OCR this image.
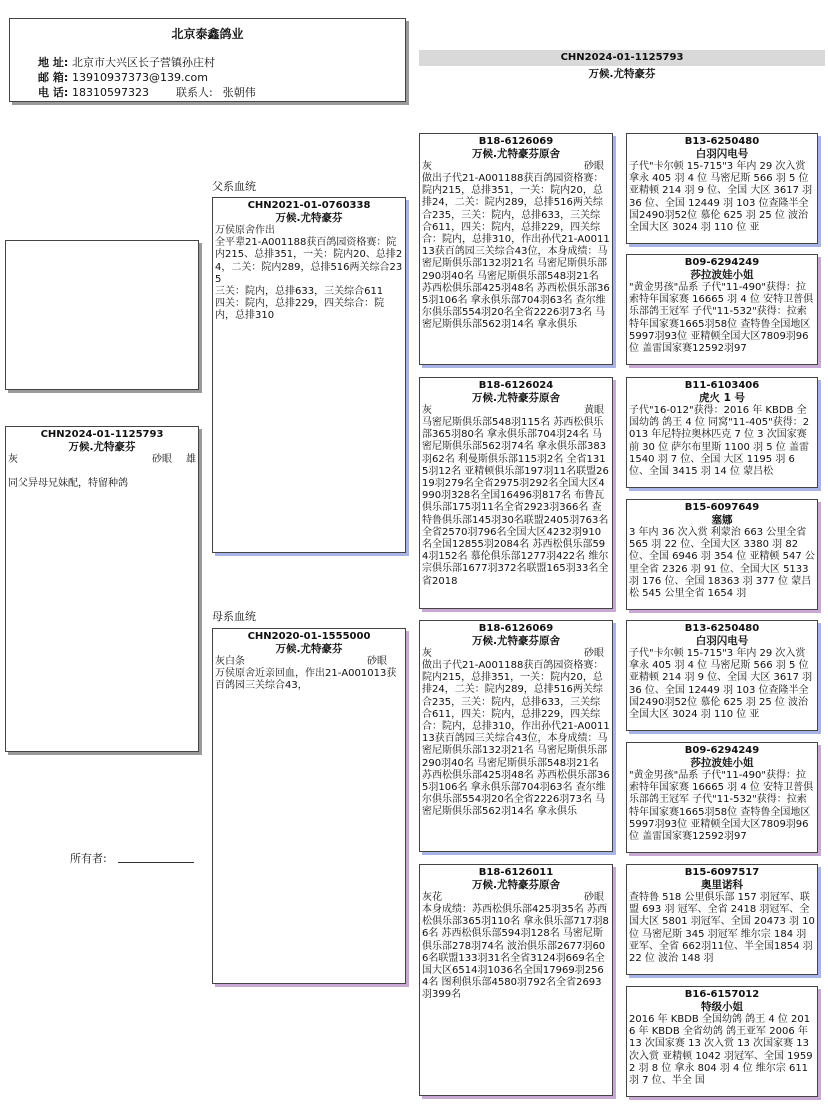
北京泰鑫鸽业
地 址: 北京市大兴区长子营镇孙庄村
邮 箱: 13910937373@139.com
电 话: 18310597323 联系人: 张朝伟
CHN2024-01-1125793
万候.尤特豪芬
CHN2024-01-1125793
万候.尤特豪芬
灰	砂眼 雄
同父异母兄妹配，特留种鸽
所有者:
父系血统
母系血统
CHN2021-01-0760338
万候.尤特豪芬
万侯原舍作出
全平辈21-A001188获百鸽园资格赛：院内215、总排351，一关：院内20、总排24，二关：院内289，总排516两关综合235
三关：院内，总排633，三关综合611
四关：院内，总排229，四关综合：院内，总排310
CHN2020-01-1555000
万候.尤特豪芬
灰白条	砂眼
万侯原舍近亲回血，作出21-A001013获百鸽园三关综合43，
B18-6126069
万候.尤特豪芬原舍
灰	砂眼
做出子代21-A001188获百鸽园资格赛：院内215，总排351，一关：院内20，总排24，二关：院内289，总排516两关综合235，三关：院内，总排633，三关综合611，四关：院内，总排229，四关综合：院内，总排310，作出孙代21-A001113获百鸽园三关综合43位，本身成绩：马密尼斯俱乐部132羽21名 马密尼斯俱乐部290羽40名 马密尼斯俱乐部548羽21名 苏西松俱乐部425羽48名 苏西松俱乐部365羽106名 拿永俱乐部704羽63名 查尔维尔俱乐部554羽20名全省2226羽73名 马密尼斯俱乐部562羽14名 拿永俱乐
B18-6126024
万候.尤特豪芬原舍
灰	黄眼
马密尼斯俱乐部548羽115名 苏西松俱乐部365羽80名 拿永俱乐部704羽24名 马密尼斯俱乐部562羽74名 拿永俱乐部383羽62名 利曼斯俱乐部115羽2名 全省1315羽12名 亚精顿俱乐部197羽11名联盟2619羽279名全省2975羽292名全国大区4990羽328名全国16496羽817名 布鲁瓦俱乐部175羽11名全省2923羽366名 查特鲁俱乐部145羽30名联盟2405羽763名全省2570羽796名全国大区4232羽910名全国12855羽2084名 苏西松俱乐部594羽152名 慕伦俱乐部1277羽422名 维尔宗俱乐部1677羽372名联盟165羽33名全省2018
B18-6126069
万候.尤特豪芬原舍
灰	砂眼
做出子代21-A001188获百鸽园资格赛：院内215，总排351，一关：院内20，总排24，二关：院内289，总排516两关综合235，三关：院内，总排633，三关综合611，四关：院内，总排229，四关综合：院内，总排310，作出孙代21-A001113获百鸽园三关综合43位，本身成绩：马密尼斯俱乐部132羽21名 马密尼斯俱乐部290羽40名 马密尼斯俱乐部548羽21名 苏西松俱乐部425羽48名 苏西松俱乐部365羽106名 拿永俱乐部704羽63名 查尔维尔俱乐部554羽20名全省2226羽73名 马密尼斯俱乐部562羽14名 拿永俱乐
B18-6126011
万候.尤特豪芬原舍
灰花	砂眼
本身成绩：苏西松俱乐部425羽35名 苏西松俱乐部365羽110名 拿永俱乐部717羽86名 苏西松俱乐部594羽128名 马密尼斯俱乐部278羽74名 波治俱乐部2677羽606名联盟133羽31名全省3124羽669名全国大区6514羽1036名全国17969羽2564名 图利俱乐部4580羽792名全省2693羽399名
B13-6250480
白羽闪电号
子代"卡尔顿 15-715"3 年内 29 次入赏 拿永 405 羽 4 位 马密尼斯 566 羽 5 位 亚精顿 214 羽 9 位、全国 大区 3617 羽 36 位、全国 12449 羽 103 位查隆半全国2490羽52位 慕伦 625 羽 25 位 波治全国大区 3024 羽 110 位 亚
B09-6294249
莎拉波娃小姐
"黄金男孩"品系 子代"11-490"获得：拉索特年国家赛 16665 羽 4 位 安特卫普俱乐部鸽王冠军 子代"11-532"获得：拉索特年国家赛1665羽58位 查特鲁全国地区5997羽93位 亚精顿全国大区7809羽96位 盖雷国家赛12592羽97
B11-6103406
虎火 1 号
子代"16-012"获得：2016 年 KBDB 全国幼鸽 鸽王 4 位 同窝"11-405"获得：2013 年尼特拉奥林匹克 7 位 3 次国家赛前 30 位 萨尔布里斯 1100 羽 5 位 盖雷 1540 羽 7 位、全国 大区 1195 羽 6 位、全国 3415 羽 14 位 蒙吕松
B15-6097649
塞娜
3 年内 36 次入赏 利蒙治 663 公里全省 565 羽 22 位、全国大区 3380 羽 82 位、全国 6946 羽 354 位 亚精顿 547 公里全省 2326 羽 91 位、全国大区 5133 羽 176 位、全国 18363 羽 377 位 蒙吕松 545 公里全省 1654 羽
B13-6250480
白羽闪电号
子代"卡尔顿 15-715"3 年内 29 次入赏 拿永 405 羽 4 位 马密尼斯 566 羽 5 位 亚精顿 214 羽 9 位、全国 大区 3617 羽 36 位、全国 12449 羽 103 位查隆半全国2490羽52位 慕伦 625 羽 25 位 波治全国大区 3024 羽 110 位 亚
B09-6294249
莎拉波娃小姐
"黄金男孩"品系 子代"11-490"获得：拉索特年国家赛 16665 羽 4 位 安特卫普俱乐部鸽王冠军 子代"11-532"获得：拉索特年国家赛1665羽58位 查特鲁全国地区5997羽93位 亚精顿全国大区7809羽96位 盖雷国家赛12592羽97
B15-6097517
奥里诺科
查特鲁 518 公里俱乐部 157 羽冠军、联盟 693 羽 冠军、全省 2418 羽冠军、全国大区 5801 羽冠军、全国 20473 羽 10 位 马密尼斯 345 羽冠军 维尔宗 184 羽亚军、全省 662羽11位、半全国1854 羽 22 位 波治 148 羽
B16-6157012
特级小姐
2016 年 KBDB 全国幼鸽 鸽王 4 位 2016 年 KBDB 全省幼鸽 鸽王亚军 2006 年 13 次国家赛 13 次入赏 13 次国家赛 13 次入赏 亚精顿 1042 羽冠军、全国 19592 羽 8 位 拿永 804 羽 4 位 维尔宗 611 羽 7 位、半全 国
